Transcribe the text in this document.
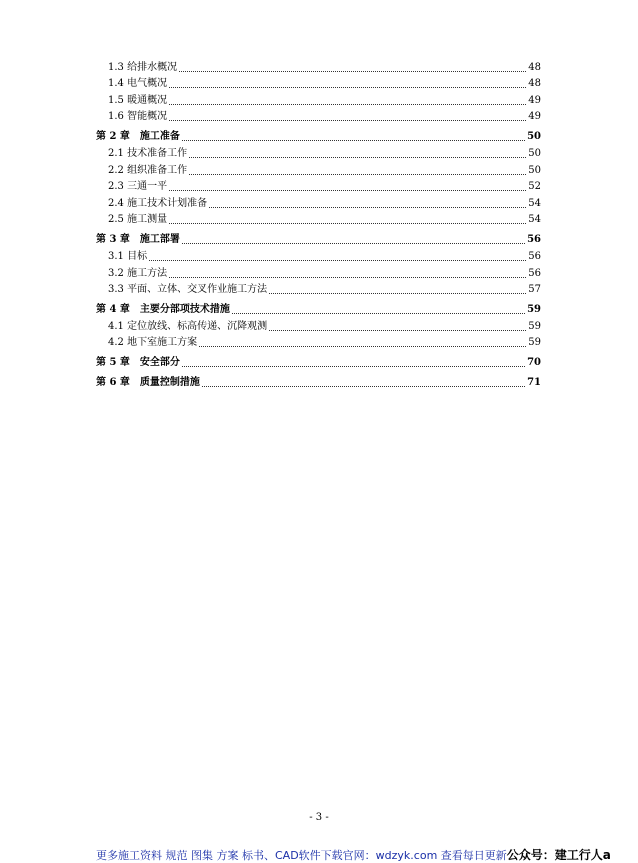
1.3 给排水概况	48
1.4 电气概况	48
1.5 暖通概况	49
1.6 智能概况	49
第 2 章 施工准备	50
2.1 技术准备工作	50
2.2 组织准备工作	50
2.3 三通一平	52
2.4 施工技术计划准备	54
2.5 施工测量	54
第 3 章 施工部署	56
3.1 目标	56
3.2 施工方法	56
3.3 平面、立体、交叉作业施工方法	57
第 4 章 主要分部项技术措施	59
4.1 定位放线、标高传递、沉降观测	59
4.2 地下室施工方案	59
第 5 章 安全部分	70
第 6 章 质量控制措施	71
- 3 -
更多施工资料 规范 图集 方案 标书、CAD软件下载官网：wdzyk.com 查看每日更新公众号：建工行人a
